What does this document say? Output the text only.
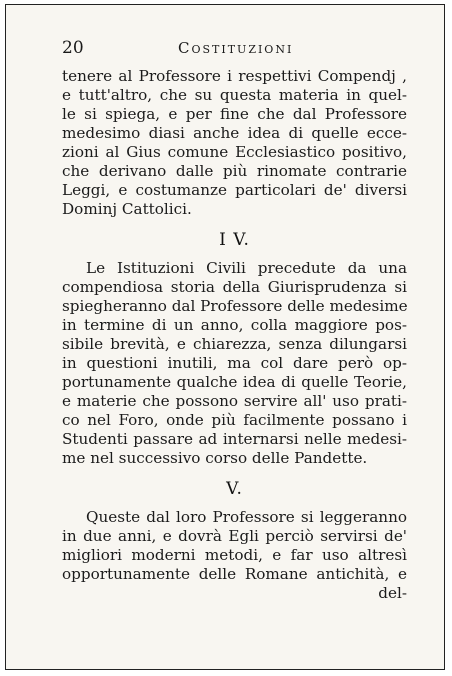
20	Costituzioni
tenere al Professore i respettivi Compendj ,
e tutt'altro, che su questa materia in quel-
le si spiega, e per fine che dal Professore
medesimo diasi anche idea di quelle ecce-
zioni al Gius comune Ecclesiastico positivo,
che derivano dalle più rinomate contrarie
Leggi, e costumanze particolari de' diversi
Dominj Cattolici.
I V.
Le Istituzioni Civili precedute da una
compendiosa storia della Giurisprudenza si
spiegheranno dal Professore delle medesime
in termine di un anno, colla maggiore pos-
sibile brevità, e chiarezza, senza dilungarsi
in questioni inutili, ma col dare però op-
portunamente qualche idea di quelle Teorie,
e materie che possono servire all' uso prati-
co nel Foro, onde più facilmente possano i
Studenti passare ad internarsi nelle medesi-
me nel successivo corso delle Pandette.
V.
Queste dal loro Professore si leggeranno
in due anni, e dovrà Egli perciò servirsi de'
migliori moderni metodi, e far uso altresì
opportunamente delle Romane antichità, e
del-
